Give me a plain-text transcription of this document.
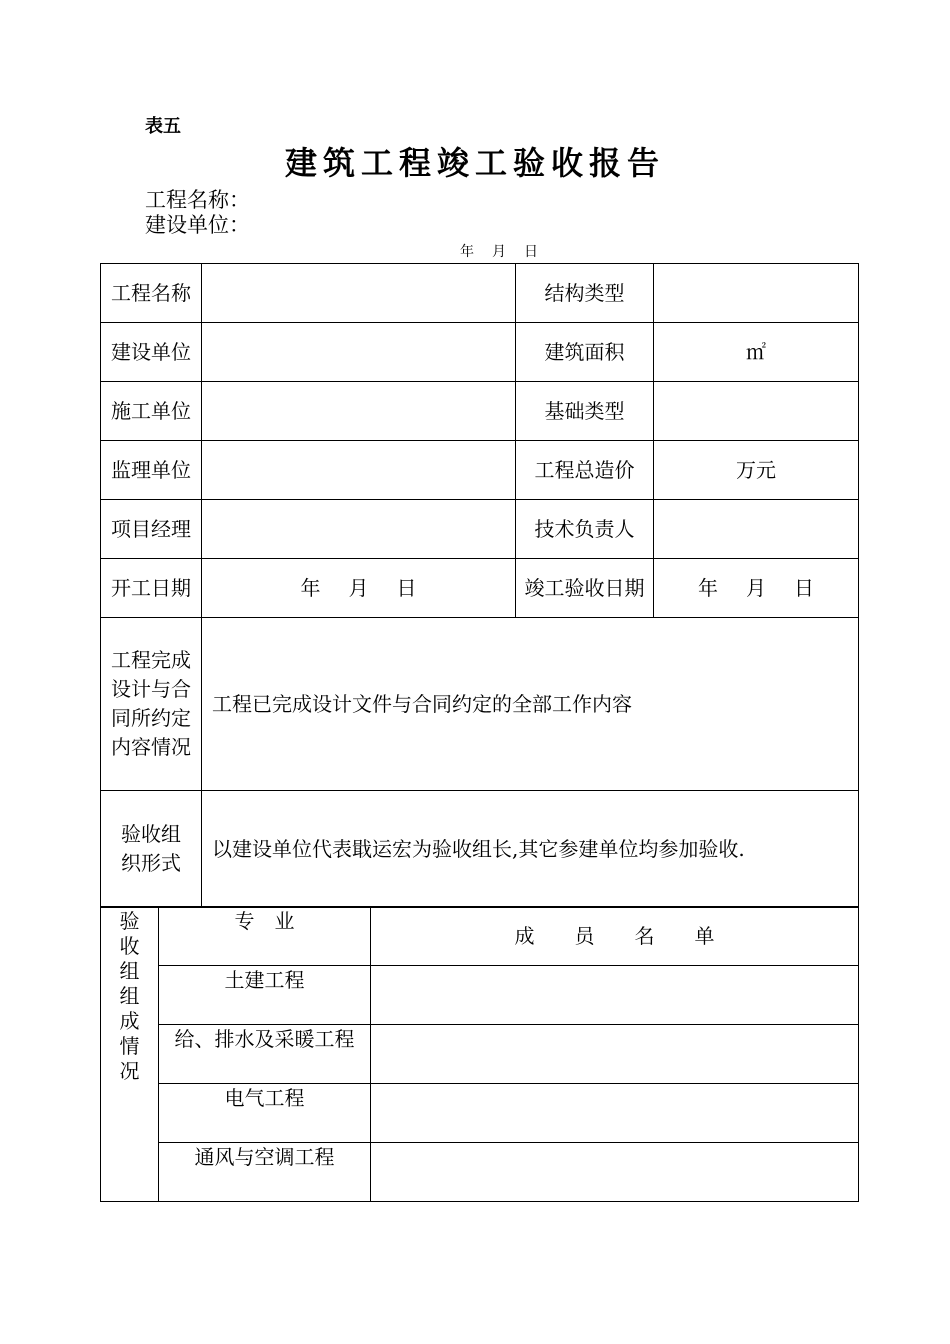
表五
建筑工程竣工验收报告
工程名称：
建设单位：
年 月 日
工程名称		结构类型	
建设单位		建筑面积	㎡
施工单位		基础类型	
监理单位		工程总造价	万元
项目经理		技术负责人	
开工日期	年 月 日	竣工验收日期	年 月 日
工程完成设计与合同所约定内容情况	工程已完成设计文件与合同约定的全部工作内容		
验收组织形式	以建设单位代表戢运宏为验收组长,其它参建单位均参加验收.		
验收组组成情况	专　业	成 员 名 单
	土建工程	
	给、排水及采暖工程	
	电气工程	
	通风与空调工程	
